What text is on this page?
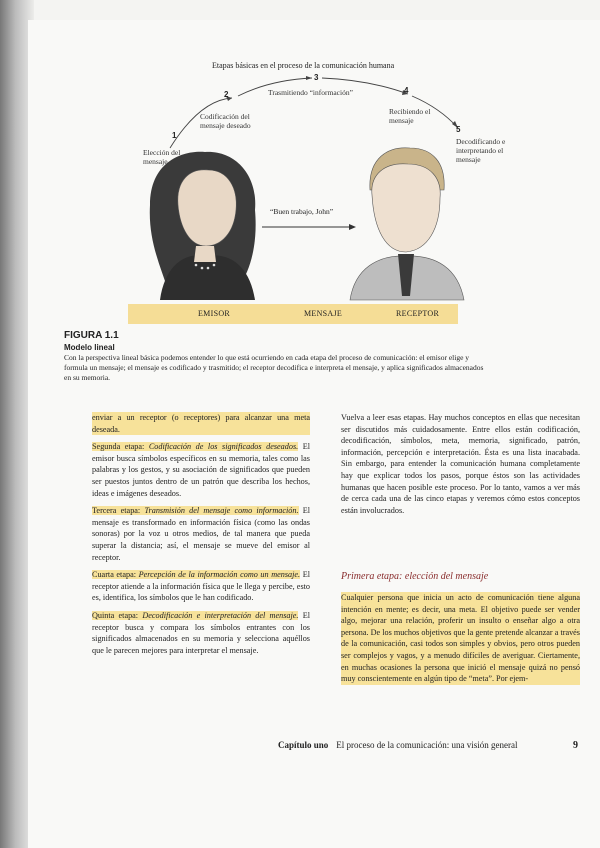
Etapas básicas en el proceso de la comunicación humana
1
Elección del mensaje
2
Codificación del mensaje deseado
3
Trasmitiendo “información”	4
Recibiendo el mensaje
5
Decodificando e interpretando el mensaje
“Buen trabajo, John”
EMISOR	MENSAJE	RECEPTOR
FIGURA 1.1
Modelo lineal
Con la perspectiva lineal básica podemos entender lo que está ocurriendo en cada etapa del proceso de comunicación: el emisor elige y formula un mensaje; el mensaje es codificado y trasmitido; el receptor decodifica e interpreta el mensaje, y aplica significados almacenados en su memoria.

enviar a un receptor (o receptores) para alcanzar una meta deseada.

Segunda etapa: Codificación de los significados deseados. El emisor busca símbolos específicos en su memoria, tales como las palabras y los gestos, y su asociación de significados que pueden ser puestos juntos dentro de un patrón que describa los hechos, ideas e imágenes deseados.

Tercera etapa: Transmisión del mensaje como información. El mensaje es transformado en información física (como las ondas sonoras) por la voz u otros medios, de tal manera que pueda superar la distancia; así, el mensaje se mueve del emisor al receptor.

Cuarta etapa: Percepción de la información como un mensaje. El receptor atiende a la información física que le llega y percibe, esto es, identifica, los símbolos que le han codificado.

Quinta etapa: Decodificación e interpretación del mensaje. El receptor busca y compara los símbolos entrantes con los significados almacenados en su memoria y selecciona aquéllos que le parecen mejores para interpretar el mensaje.

Vuelva a leer esas etapas. Hay muchos conceptos en ellas que necesitan ser discutidos más cuidadosamente. Entre ellos están codificación, decodificación, símbolos, meta, memoria, significado, patrón, información, percepción e interpretación. Ésta es una lista inacabada. Sin embargo, para entender la comunicación humana completamente hay que explicar todos los pasos, porque éstos son las actividades humanas que hacen posible este proceso. Por lo tanto, vamos a ver más de cerca cada una de las cinco etapas y veremos cómo estos conceptos están involucrados.

Primera etapa: elección del mensaje

Cualquier persona que inicia un acto de comunicación tiene alguna intención en mente; es decir, una meta. El objetivo puede ser vender algo, mejorar una relación, proferir un insulto o enseñar algo a otra persona. De los muchos objetivos que la gente pretende alcanzar a través de la comunicación, casi todos son simples y obvios, pero otros pueden ser complejos y vagos, y a menudo difíciles de averiguar. Ciertamente, en muchas ocasiones la persona que inició el mensaje quizá no pensó muy conscientemente en algún tipo de “meta”. Por ejem-

Capítulo uno El proceso de la comunicación: una visión general	9
